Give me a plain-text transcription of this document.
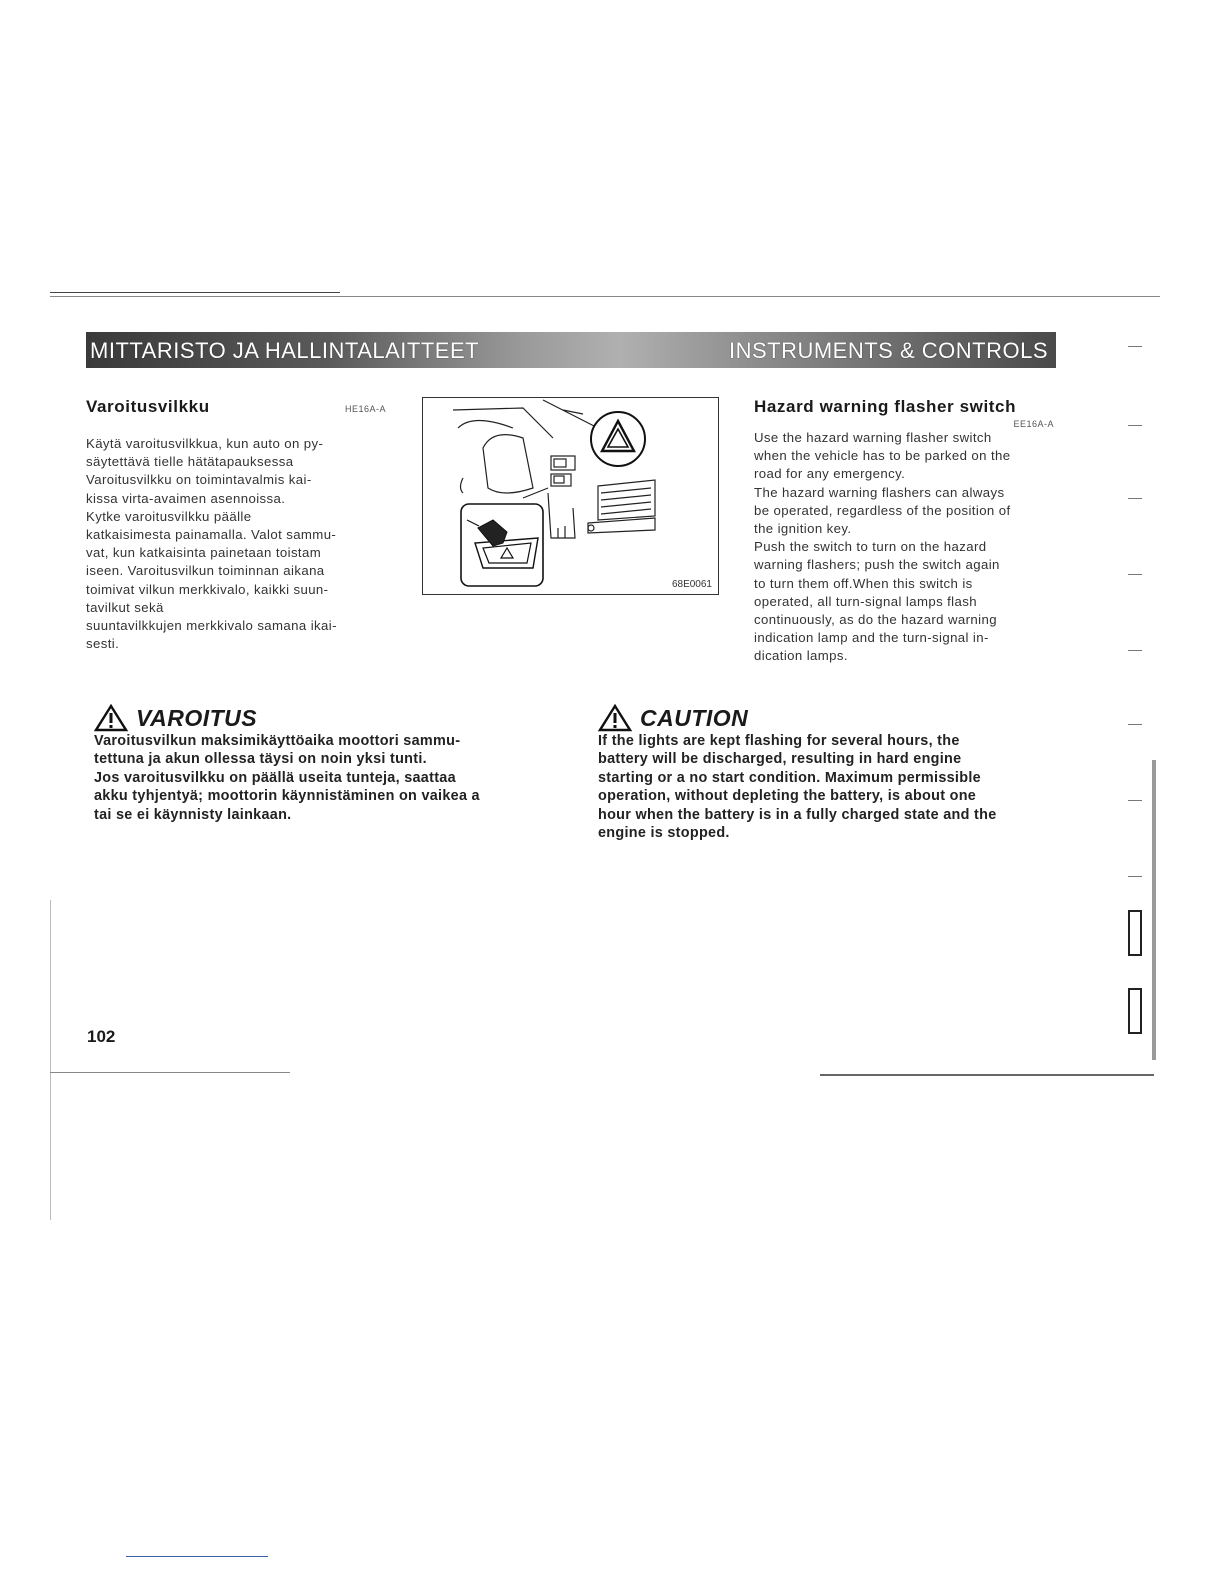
MITTARISTO JA HALLINTALAITTEET	INSTRUMENTS & CONTROLS
Varoitusvilkku	HE16A-A

Käytä varoitusvilkkua, kun auto on py-

säytettävä tielle hätätapauksessa

Varoitusvilkku on toimintavalmis kai-

kissa virta-avaimen asennoissa.

Kytke varoitusvilkku päälle

katkaisimesta painamalla. Valot sammu-

vat, kun katkaisinta painetaan toistam

iseen. Varoitusvilkun toiminnan aikana

toimivat vilkun merkkivalo, kaikki suun-

tavilkut sekä

suuntavilkkujen merkkivalo samana ikai-

sesti.

68E0061
Hazard warning flasher switch
EE16A-A

Use the hazard warning flasher switch

when the vehicle has to be parked on the

road for any emergency.

The hazard warning flashers can always

be operated, regardless of the position of

the ignition key.

Push the switch to turn on the hazard

warning flashers; push the switch again

to turn them off.When this switch is

operated, all turn-signal lamps flash

continuously, as do the hazard warning

indication lamp and the turn-signal in-

dication lamps.

VAROITUS

Varoitusvilkun maksimikäyttöaika moottori sammu-

tettuna ja akun ollessa täysi on noin yksi tunti.

Jos varoitusvilkku on päällä useita tunteja, saattaa

akku tyhjentyä; moottorin käynnistäminen on vaikea a

tai se ei käynnisty lainkaan.

CAUTION

If the lights are kept flashing for several hours, the

battery will be discharged, resulting in hard engine

starting or a no start condition. Maximum permissible

operation, without depleting the battery, is about one

hour when the battery is in a fully charged state and the

engine is stopped.

102
